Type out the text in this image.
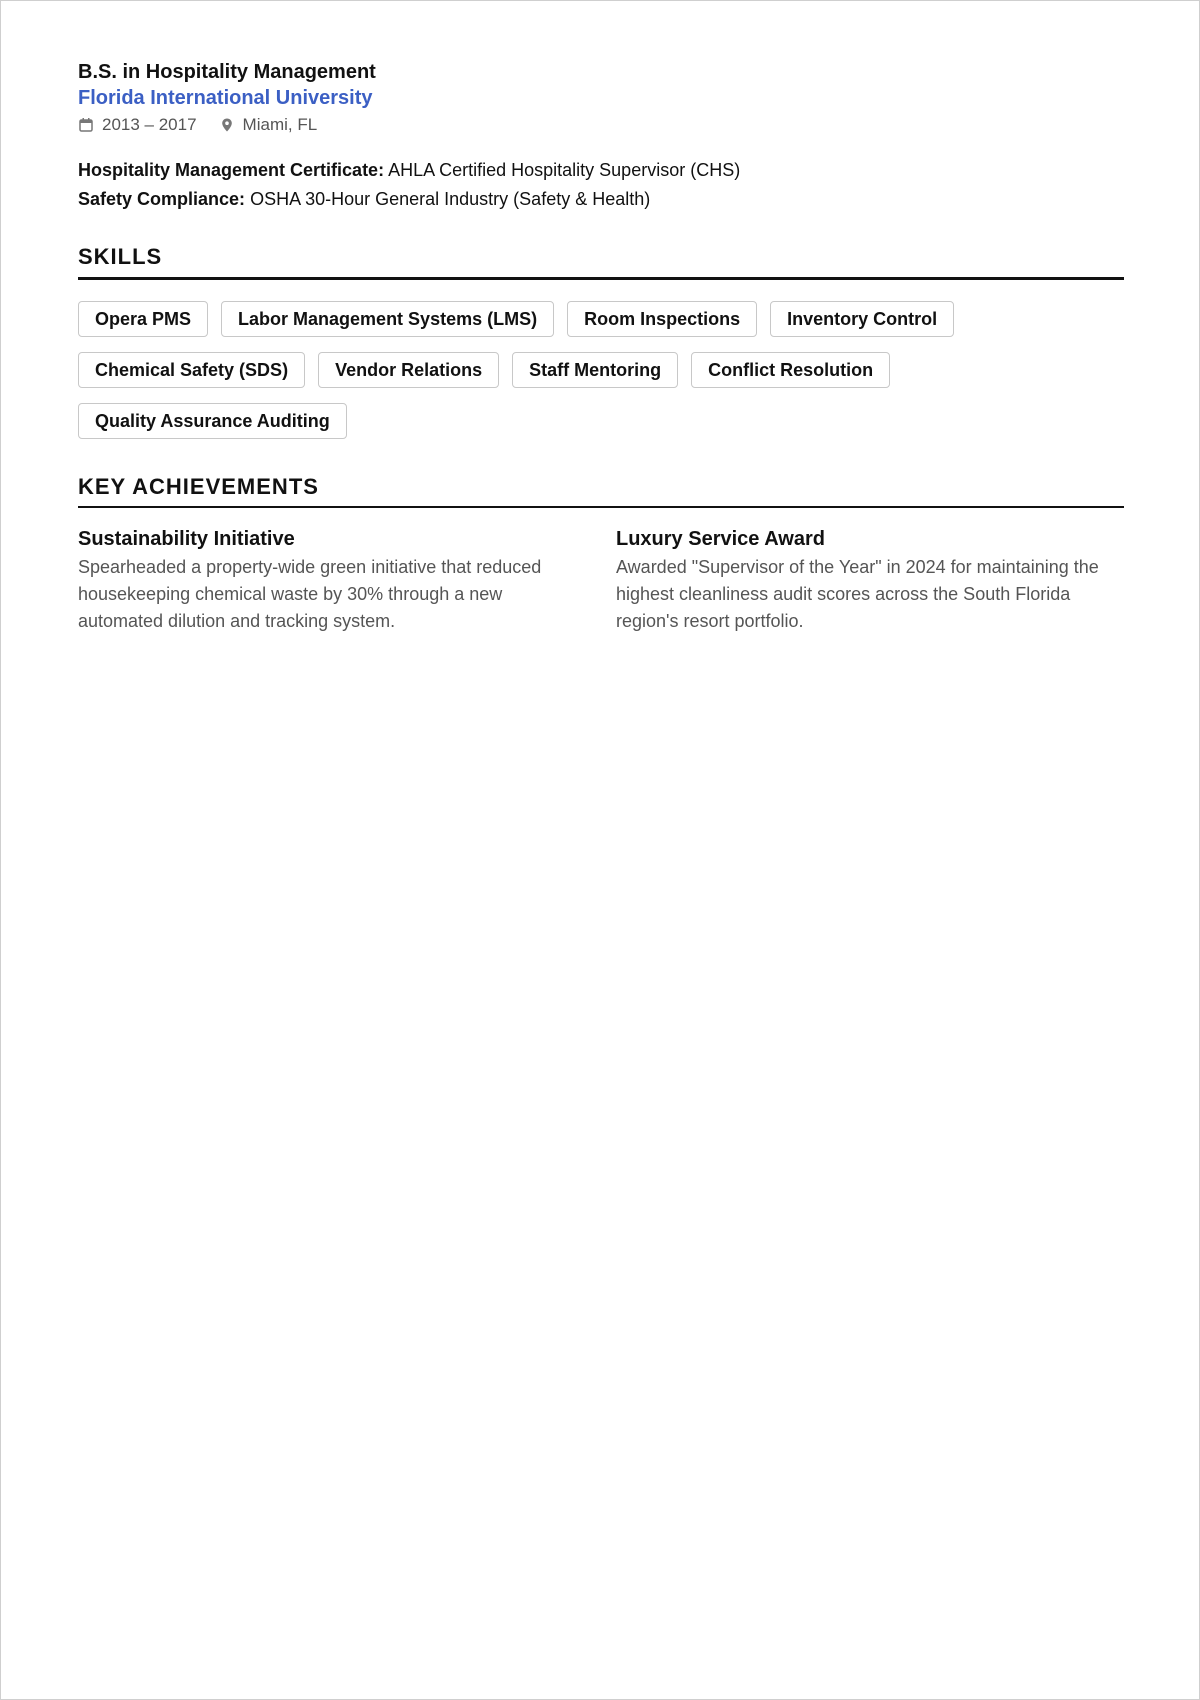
B.S. in Hospitality Management
Florida International University
2013 – 2017	Miami, FL
Hospitality Management Certificate: AHLA Certified Hospitality Supervisor (CHS)
Safety Compliance: OSHA 30-Hour General Industry (Safety & Health)
SKILLS
Opera PMS	Labor Management Systems (LMS)	Room Inspections	Inventory Control
Chemical Safety (SDS)	Vendor Relations	Staff Mentoring	Conflict Resolution
Quality Assurance Auditing
KEY ACHIEVEMENTS
Sustainability Initiative
Spearheaded a property-wide green initiative that reduced housekeeping chemical waste by 30% through a new automated dilution and tracking system.
Luxury Service Award
Awarded "Supervisor of the Year" in 2024 for maintaining the highest cleanliness audit scores across the South Florida region's resort portfolio.
